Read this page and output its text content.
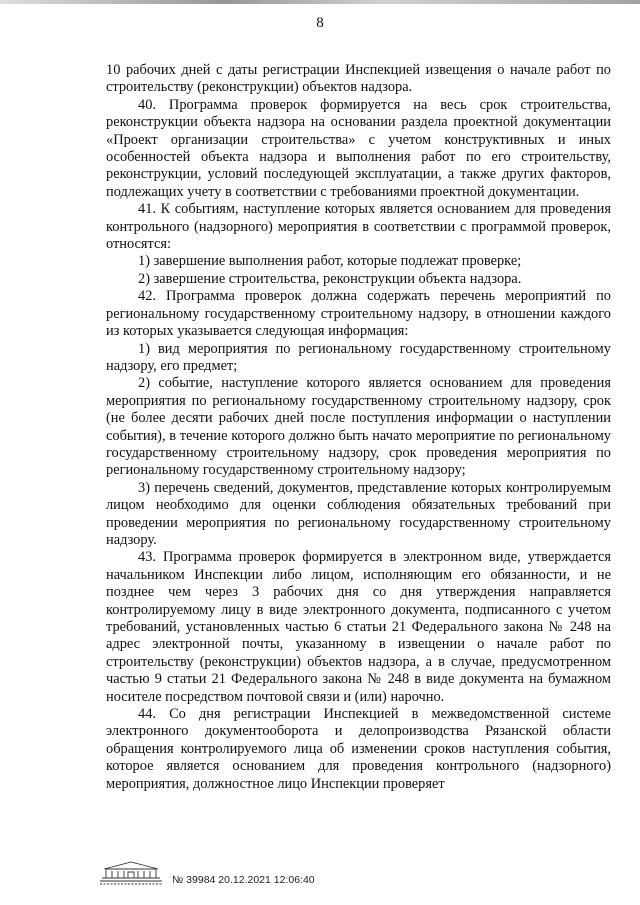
8

10 рабочих дней с даты регистрации Инспекцией извещения о начале работ по строительству (реконструкции) объектов надзора.

40. Программа проверок формируется на весь срок строительства, реконструкции объекта надзора на основании раздела проектной документации «Проект организации строительства» с учетом конструктивных и иных особенностей объекта надзора и выполнения работ по его строительству, реконструкции, условий последующей эксплуатации, а также других факторов, подлежащих учету в соответствии с требованиями проектной документации.

41. К событиям, наступление которых является основанием для проведения контрольного (надзорного) мероприятия в соответствии с программой проверок, относятся:

1) завершение выполнения работ, которые подлежат проверке;

2) завершение строительства, реконструкции объекта надзора.

42. Программа проверок должна содержать перечень мероприятий по региональному государственному строительному надзору, в отношении каждого из которых указывается следующая информация:

1) вид мероприятия по региональному государственному строительному надзору, его предмет;

2) событие, наступление которого является основанием для проведения мероприятия по региональному государственному строительному надзору, срок (не более десяти рабочих дней после поступления информации о наступлении события), в течение которого должно быть начато мероприятие по региональному государственному строительному надзору, срок проведения мероприятия по региональному государственному строительному надзору;

3) перечень сведений, документов, представление которых контролируемым лицом необходимо для оценки соблюдения обязательных требований при проведении мероприятия по региональному государственному строительному надзору.

43. Программа проверок формируется в электронном виде, утверждается начальником Инспекции либо лицом, исполняющим его обязанности, и не позднее чем через 3 рабочих дня со дня утверждения направляется контролируемому лицу в виде электронного документа, подписанного с учетом требований, установленных частью 6 статьи 21 Федерального закона № 248 на адрес электронной почты, указанному в извещении о начале работ по строительству (реконструкции) объектов надзора, а в случае, предусмотренном частью 9 статьи 21 Федерального закона № 248 в виде документа на бумажном носителе посредством почтовой связи и (или) нарочно.

44. Со дня регистрации Инспекцией в межведомственной системе электронного документооборота и делопроизводства Рязанской области обращения контролируемого лица об изменении сроков наступления события, которое является основанием для проведения контрольного (надзорного) мероприятия, должностное лицо Инспекции проверяет

№ 39984 20.12.2021 12:06:40
